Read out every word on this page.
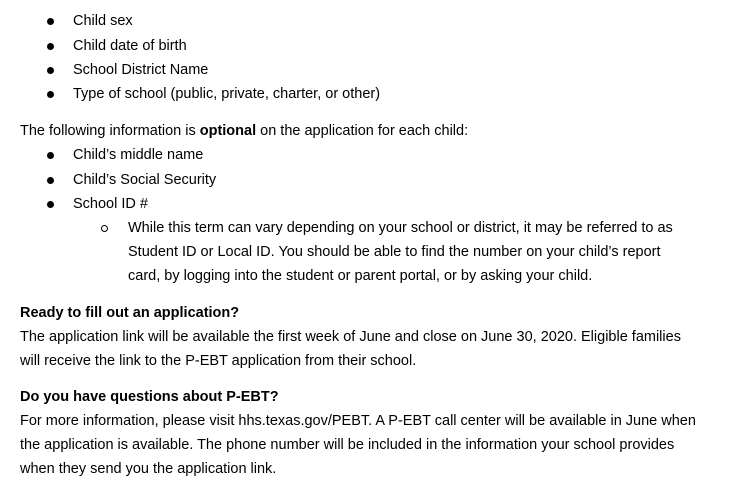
Child sex
Child date of birth
School District Name
Type of school (public, private, charter, or other)
The following information is optional on the application for each child:
Child’s middle name
Child’s Social Security
School ID #
While this term can vary depending on your school or district, it may be referred to as
Student ID or Local ID. You should be able to find the number on your child’s report
card, by logging into the student or parent portal, or by asking your child.
Ready to fill out an application?
The application link will be available the first week of June and close on June 30, 2020. Eligible families
will receive the link to the P-EBT application from their school.
Do you have questions about P-EBT?
For more information, please visit hhs.texas.gov/PEBT. A P-EBT call center will be available in June when
the application is available. The phone number will be included in the information your school provides
when they send you the application link.
